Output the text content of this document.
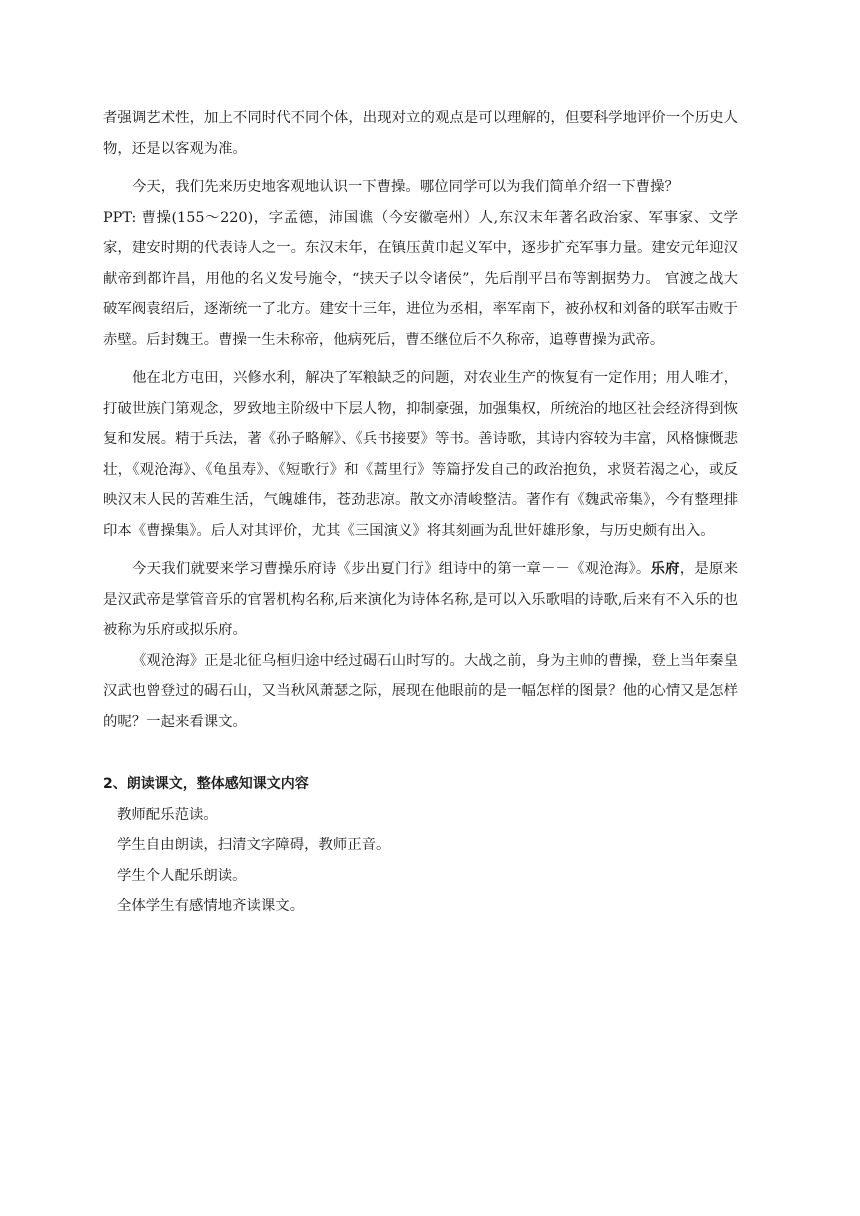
者强调艺术性，加上不同时代不同个体，出现对立的观点是可以理解的，但要科学地评价一个历史人物，还是以客观为准。

今天，我们先来历史地客观地认识一下曹操。哪位同学可以为我们简单介绍一下曹操？

PPT: 曹操(155～220)，字孟德，沛国谯（今安徽亳州）人,东汉末年著名政治家、军事家、文学家，建安时期的代表诗人之一。东汉末年，在镇压黄巾起义军中，逐步扩充军事力量。建安元年迎汉献帝到都许昌，用他的名义发号施令，“挟天子以令诸侯”，先后削平吕布等割据势力。 官渡之战大破军阀袁绍后，逐渐统一了北方。建安十三年，进位为丞相，率军南下，被孙权和刘备的联军击败于赤壁。后封魏王。曹操一生未称帝，他病死后，曹丕继位后不久称帝，追尊曹操为武帝。

他在北方屯田，兴修水利，解决了军粮缺乏的问题，对农业生产的恢复有一定作用；用人唯才，打破世族门第观念，罗致地主阶级中下层人物，抑制豪强，加强集权，所统治的地区社会经济得到恢复和发展。精于兵法，著《孙子略解》、《兵书接要》等书。善诗歌，其诗内容较为丰富，风格慷慨悲壮，《观沧海》、《龟虽寿》、《短歌行》和《蒿里行》等篇抒发自己的政治抱负，求贤若渴之心，或反映汉末人民的苦难生活，气魄雄伟，苍劲悲凉。散文亦清峻整洁。著作有《魏武帝集》，今有整理排印本《曹操集》。后人对其评价，尤其《三国演义》将其刻画为乱世奸雄形象，与历史颇有出入。

今天我们就要来学习曹操乐府诗《步出夏门行》组诗中的第一章－－《观沧海》。乐府，是原来是汉武帝是掌管音乐的官署机构名称,后来演化为诗体名称,是可以入乐歌唱的诗歌,后来有不入乐的也被称为乐府或拟乐府。

《观沧海》正是北征乌桓归途中经过碣石山时写的。大战之前，身为主帅的曹操，登上当年秦皇汉武也曾登过的碣石山，又当秋风萧瑟之际，展现在他眼前的是一幅怎样的图景？他的心情又是怎样的呢？一起来看课文。

2、朗读课文，整体感知课文内容

教师配乐范读。

学生自由朗读，扫清文字障碍，教师正音。

学生个人配乐朗读。

全体学生有感情地齐读课文。
